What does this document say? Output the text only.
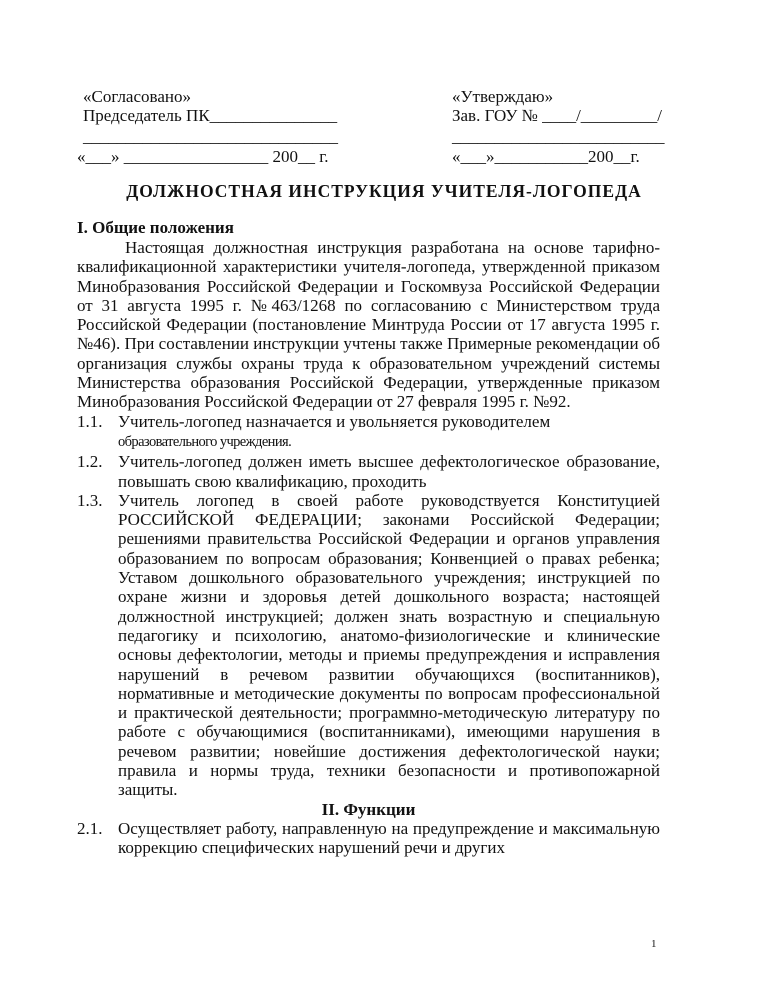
«Согласовано»
Председатель ПК_______________
______________________________
«___» _________________ 200__ г.
«Утверждаю»
Зав. ГОУ № ____/_________/
_________________________
«___»___________200__г.
ДОЛЖНОСТНАЯ ИНСТРУКЦИЯ УЧИТЕЛЯ-ЛОГОПЕДА
I. Общие положения

Настоящая должностная инструкция разработана на основе тарифно-квалификационной характеристики учителя-логопеда, утвержденной приказом Минобразования Российской Федерации и Госкомвуза Российской Федерации от 31 августа 1995 г. №463/1268 по согласованию с Министерством труда Российской Федерации (постановление Минтруда России от 17 августа 1995 г. №46). При составлении инструкции учтены также Примерные рекомендации об организация службы охраны труда к образовательном учреждений системы Министерства образования Российской Федерации, утвержденные приказом Минобразования Российской Федерации от 27 февраля 1995 г. №92.

1.1. Учитель-логопед назначается и увольняется руководителем
образовательного учреждения.
1.2. Учитель-логопед должен иметь высшее дефектологическое образование, повышать свою квалификацию, проходить
1.3. Учитель логопед в своей работе руководствуется Конституцией РОССИЙСКОЙ ФЕДЕРАЦИИ; законами Российской Федерации; решениями правительства Российской Федерации и органов управления образованием по вопросам образования; Конвенцией о правах ребенка; Уставом дошкольного образовательного учреждения; инструкцией по охране жизни и здоровья детей дошкольного возраста; настоящей должностной инструкцией; должен знать возрастную и специальную педагогику и психологию, анатомо-физиологические и клинические основы дефектологии, методы и приемы предупреждения и исправления нарушений в речевом развитии обучающихся (воспитанников), нормативные и методические документы по вопросам профессиональной и практической деятельности; программно-методическую литературу по работе с обучающимися (воспитанниками), имеющими нарушения в речевом развитии; новейшие достижения дефектологической науки; правила и нормы труда, техники безопасности и противопожарной защиты.
II. Функции
2.1. Осуществляет работу, направленную на предупреждение и максимальную коррекцию специфических нарушений речи и других
1
